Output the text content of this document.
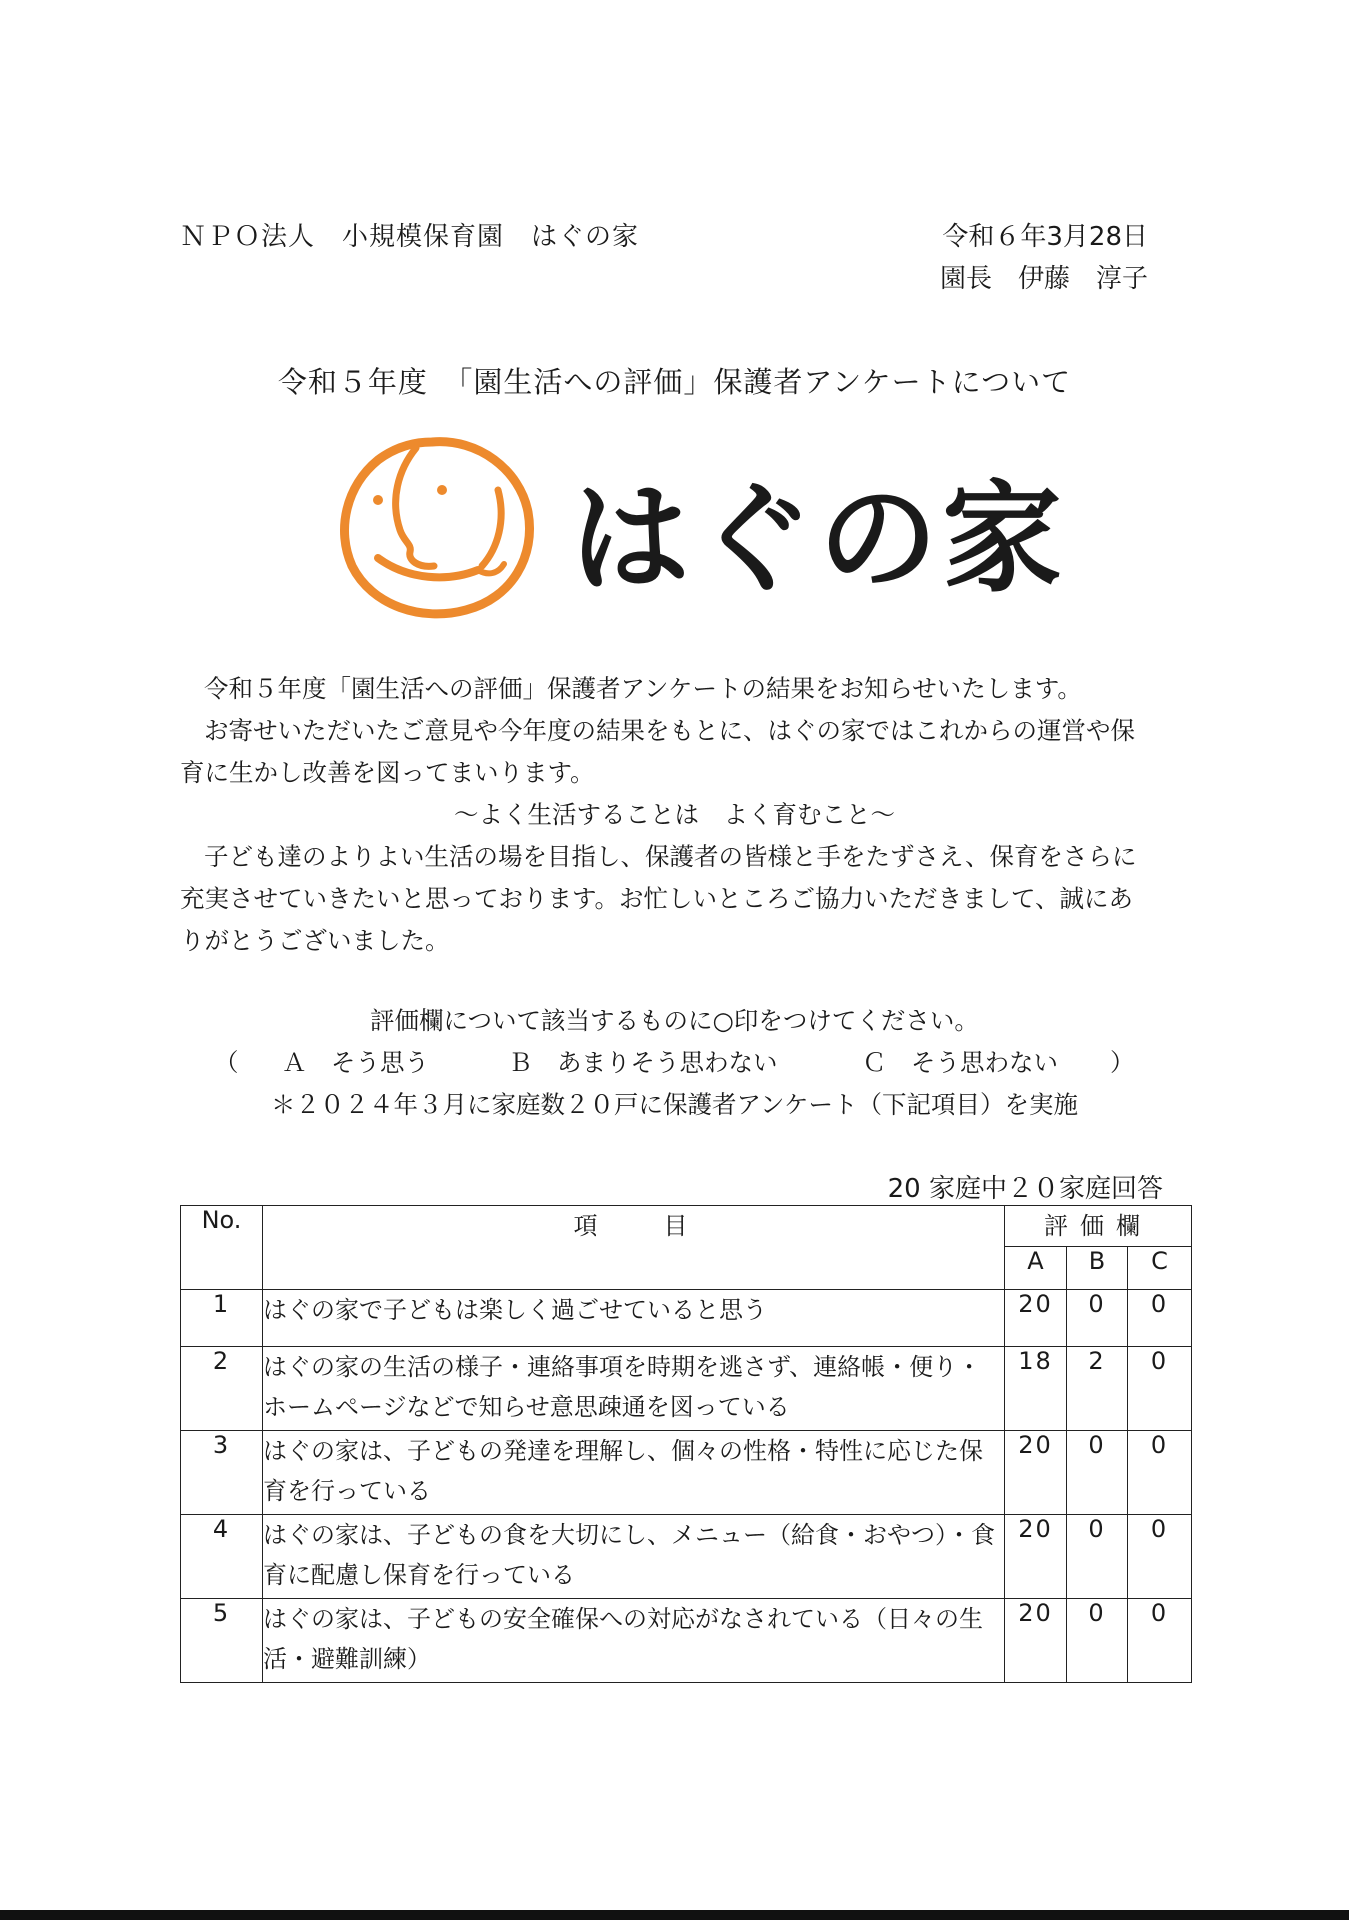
ＮＰＯ法人　小規模保育園　はぐの家	令和６年3月28日
園長　伊藤　淳子
令和５年度　「園生活への評価」保護者アンケートについて
はぐの家
令和５年度「園生活への評価」保護者アンケートの結果をお知らせいたします。
お寄せいただいたご意見や今年度の結果をもとに、はぐの家ではこれからの運営や保
育に生かし改善を図ってまいります。
～よく生活することは　よく育むこと～
子ども達のよりよい生活の場を目指し、保護者の皆様と手をたずさえ、保育をさらに
充実させていきたいと思っております。お忙しいところご協力いただきまして、誠にあ
りがとうございました。
評価欄について該当するものに○印をつけてください。
（ Ａ　そう思う	Ｂ　あまりそう思わない	Ｃ　そう思わない ）
＊２０２４年３月に家庭数２０戸に保護者アンケート（下記項目）を実施
20 家庭中２０家庭回答
No.	項　　目	評価欄		
		A	B	C
1	はぐの家で子どもは楽しく過ごせていると思う	20	0	0
2	はぐの家の生活の様子・連絡事項を時期を逃さず、連絡帳・便り・ホームページなどで知らせ意思疎通を図っている	18	2	0
3	はぐの家は、子どもの発達を理解し、個々の性格・特性に応じた保育を行っている	20	0	0
4	はぐの家は、子どもの食を大切にし、メニュー（給食・おやつ）・食育に配慮し保育を行っている	20	0	0
5	はぐの家は、子どもの安全確保への対応がなされている（日々の生活・避難訓練）	20	0	0
